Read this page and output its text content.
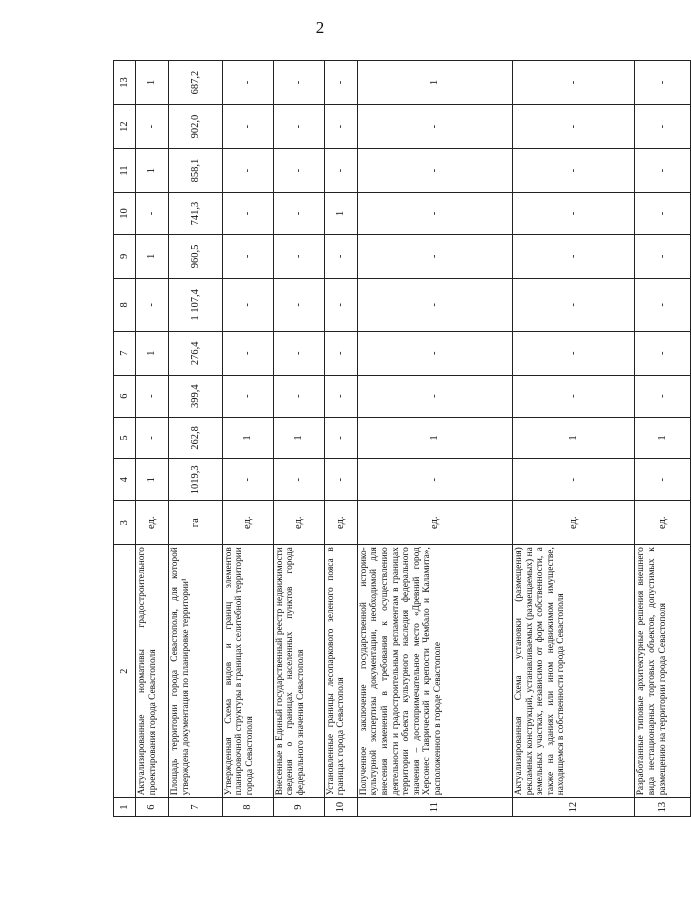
2
1	2	3	4	5	6	7	8	9	10	11	12	13
6	Актуализированные нормативы градостроительного проектирования города Севастополя	ед.	1	-	-	1	-	1	-	1	-	1
7	Площадь территории города Севастополя, для которой утверждена документация по планировке территории¹	га	1019,3	262,8	399,4	276,4	1 107,4	960,5	741,3	858,1	902,0	687,2
8	Утвержденная Схема видов и границ элементов планировочной структуры в границах селитебной территории города Севастополя	ед.	-	1	-	-	-	-	-	-	-	-
9	Внесенные в Единый государственный реестр недвижимости сведения о границах населенных пунктов города федерального значения Севастополя	ед.	-	1	-	-	-	-	-	-	-	-
10	Установленные границы лесопаркового зеленого пояса в границах города Севастополя	ед.	-	-	-	-	-	-	1	-	-	-
11	Полученное заключение государственной историко-культурной экспертизы документации, необходимой для внесения изменений в требования к осуществлению деятельности и градостроительным регламентам в границах территории объекта культурного наследия федерального значения – достопримечательное место «Древний город Херсонес Таврический и крепости Чембало и Каламита», расположенного в городе Севастополе	ед.	-	1	-	-	-	-	-	-	-	1
12	Актуализированная Схема установки (размещения) рекламных конструкций, устанавливаемых (размещаемых) на земельных участках, независимо от форм собственности, а также на зданиях или ином недвижимом имуществе, находящемся в собственности города Севастополя	ед.	-	1	-	-	-	-	-	-	-	-
13	Разработанные типовые архитектурные решения внешнего вида нестационарных торговых объектов, допустимых к размещению на территории города Севастополя	ед.	-	1	-	-	-	-	-	-	-	-
